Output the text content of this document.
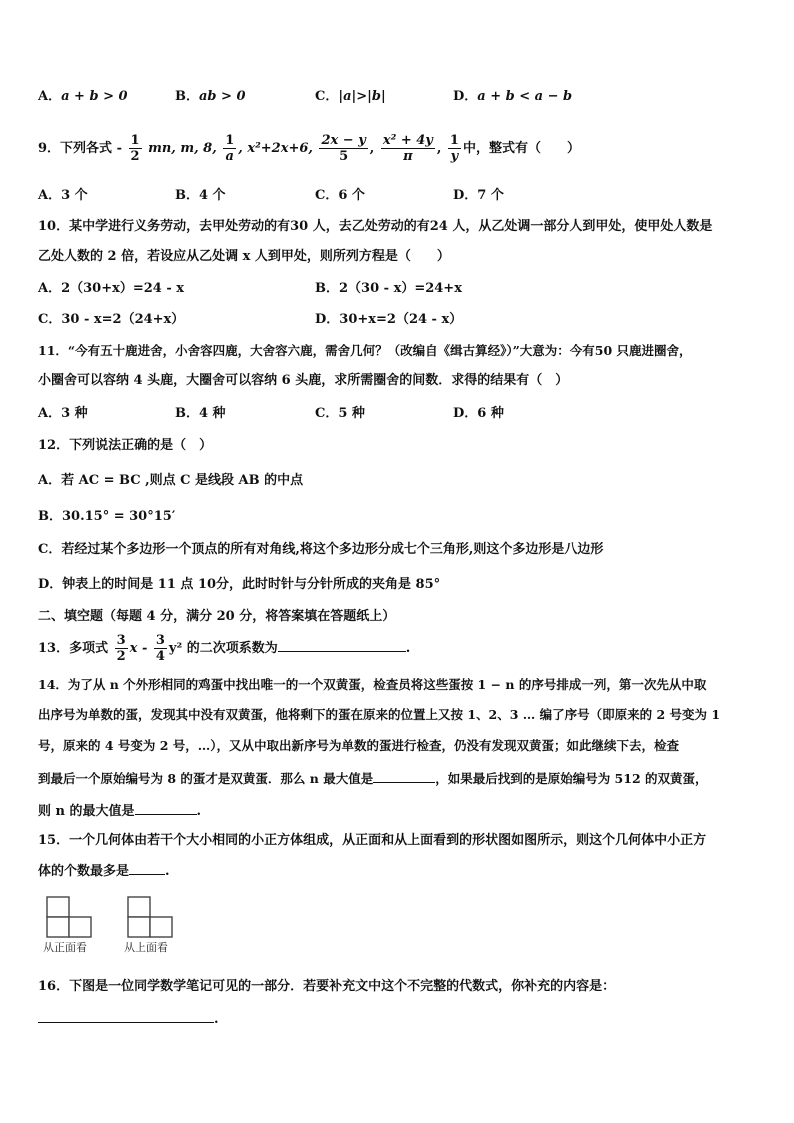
A．a + b > 0	B．ab > 0	C．|a|>|b|	D．a + b < a − b
9．下列各式 - $\frac{1}{2}$ mn, m, 8, $\frac{1}{a}$ , x²+2x+6, $\frac{2x - y}{5}$ , $\frac{\text{x² + 4y}}{\pi}$ , $\frac{1}{y}$ 中，整式有（　　）
A．3 个	B．4 个	C．6 个	D．7 个
10．某中学进行义务劳动，去甲处劳动的有30 人，去乙处劳动的有24 人，从乙处调一部分人到甲处，使甲处人数是
乙处人数的 2 倍，若设应从乙处调 x 人到甲处，则所列方程是（　　）
A．2（30+x）=24 - x	B．2（30 - x）=24+x
C．30 - x=2（24+x）	D．30+x=2（24 - x）
11．“今有五十鹿进舍，小舍容四鹿，大舍容六鹿，需舍几何？（改编自《缉古算经》）”大意为：今有50 只鹿进圈舍，
小圈舍可以容纳 4 头鹿，大圈舍可以容纳 6 头鹿，求所需圈舍的间数．求得的结果有（　）
A．3 种	B．4 种	C．5 种	D．6 种
12．下列说法正确的是（　）
A．若 AC = BC ,则点 C 是线段 AB 的中点
B．30.15° = 30°15′
C．若经过某个多边形一个顶点的所有对角线,将这个多边形分成七个三角形,则这个多边形是八边形
D．钟表上的时间是 11 点 10分，此时时针与分针所成的夹角是 85°
二、填空题（每题 4 分，满分 20 分，将答案填在答题纸上）
13．多项式 $\frac{3}{2}$ x - $\frac{3}{4} y^2$ 的二次项系数为	.
14．为了从 n 个外形相同的鸡蛋中找出唯一的一个双黄蛋，检查员将这些蛋按 1 − n 的序号排成一列，第一次先从中取
出序号为单数的蛋，发现其中没有双黄蛋，他将剩下的蛋在原来的位置上又按 1、2、3 … 编了序号（即原来的 2 号变为 1
号，原来的 4 号变为 2 号，…），又从中取出新序号为单数的蛋进行检查，仍没有发现双黄蛋；如此继续下去，检查
到最后一个原始编号为 8 的蛋才是双黄蛋．那么 n 最大值是	，如果最后找到的是原始编号为 512 的双黄蛋，
则 n 的最大值是	.
15．一个几何体由若干个大小相同的小正方体组成，从正面和从上面看到的形状图如图所示，则这个几何体中小正方
体的个数最多是	.
从正面看	从上面看
16．下图是一位同学数学笔记可见的一部分．若要补充文中这个不完整的代数式，你补充的内容是：
.
